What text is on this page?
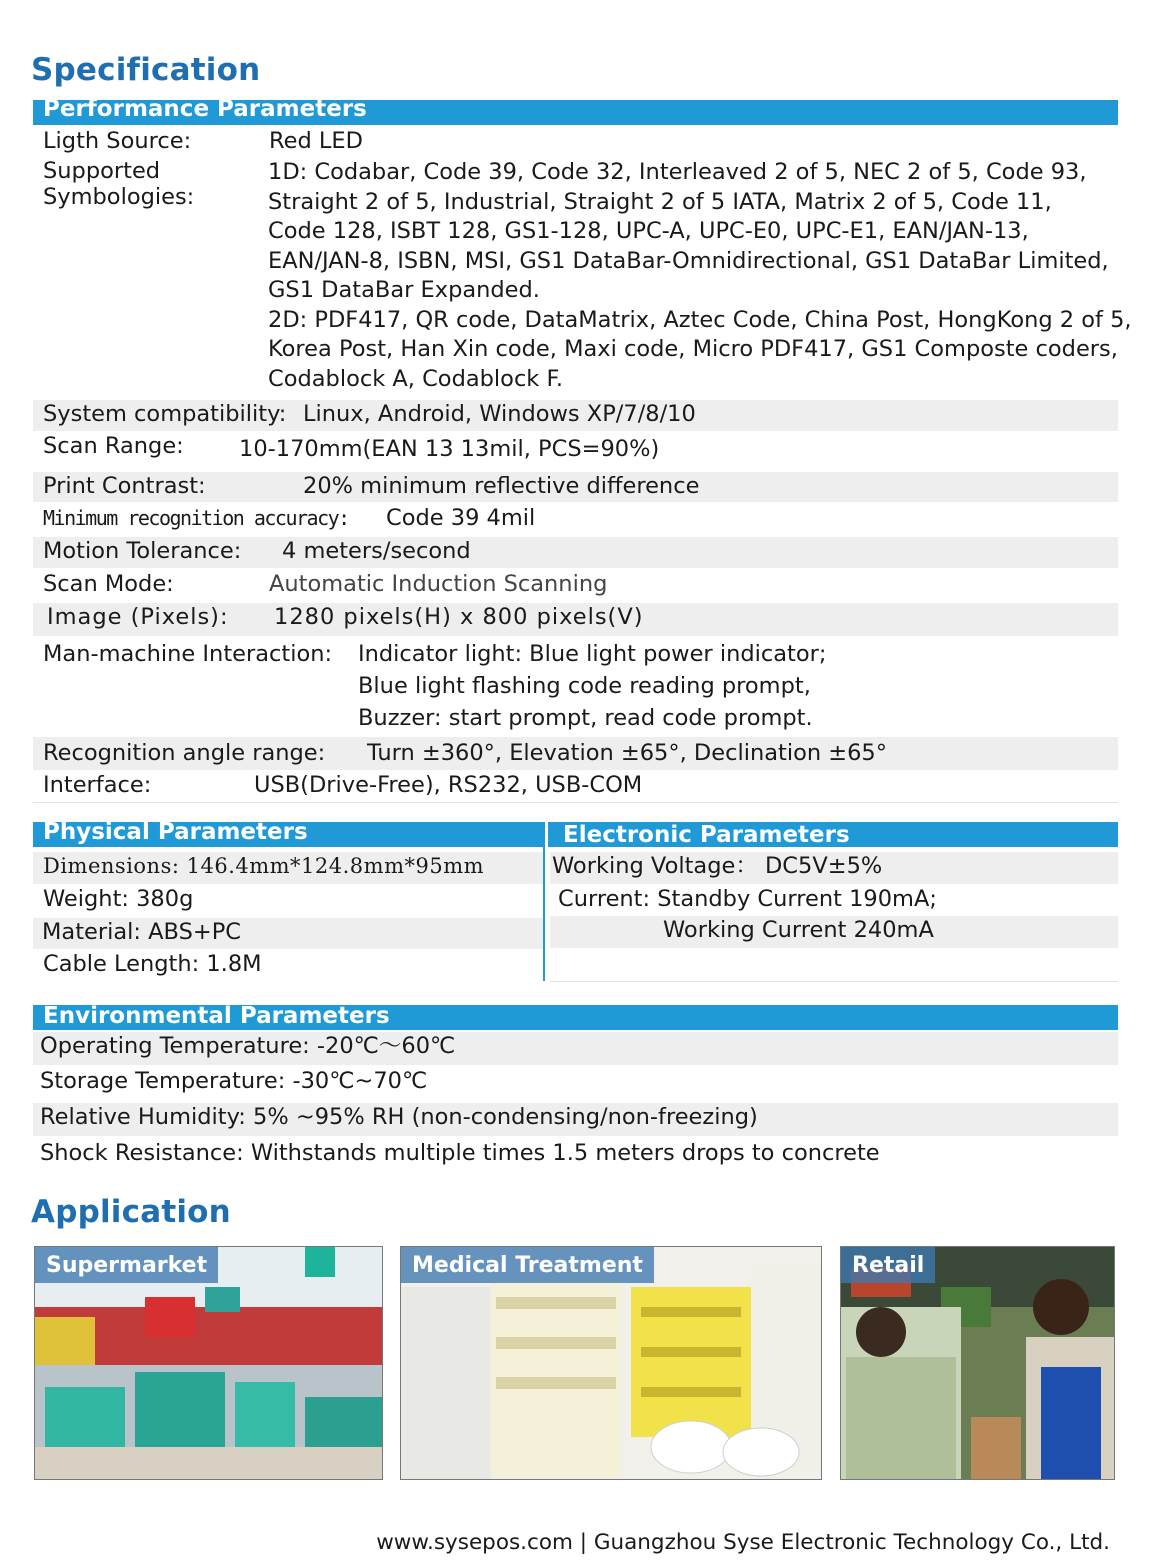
Specification
Performance Parameters
Ligth Source:	Red LED
Supported
Symbologies:
1D: Codabar, Code 39, Code 32, Interleaved 2 of 5, NEC 2 of 5, Code 93,
Straight 2 of 5, Industrial, Straight 2 of 5 IATA, Matrix 2 of 5, Code 11,
Code 128, ISBT 128, GS1-128, UPC-A, UPC-E0, UPC-E1, EAN/JAN-13,
EAN/JAN-8, ISBN, MSI, GS1 DataBar-Omnidirectional, GS1 DataBar Limited,
GS1 DataBar Expanded.
2D: PDF417, QR code, DataMatrix, Aztec Code, China Post, HongKong 2 of 5,
Korea Post, Han Xin code, Maxi code, Micro PDF417, GS1 Composte coders,
Codablock A, Codablock F.
System compatibility: Linux, Android, Windows XP/7/8/10
Scan Range: 10-170mm(EAN 13 13mil, PCS=90%)
Print Contrast:	20% minimum reflective difference
Minimum recognition accuracy: Code 39 4mil
Motion Tolerance: 4 meters/second
Scan Mode:	Automatic Induction Scanning
Image (Pixels): 1280 pixels(H) x 800 pixels(V)
Man-machine Interaction: Indicator light: Blue light power indicator;
Blue light flashing code reading prompt,
Buzzer: start prompt, read code prompt.
Recognition angle range: Turn ±360°, Elevation ±65°, Declination ±65°
Interface:	USB(Drive-Free), RS232, USB-COM
Physical Parameters	Electronic Parameters
Dimensions: 146.4mm*124.8mm*95mm
Weight: 380g
Material: ABS+PC
Cable Length: 1.8M
Working Voltage： DC5V±5%
Current: Standby Current 190mA;
Working Current 240mA
Environmental Parameters
Operating Temperature: -20℃～60℃
Storage Temperature: -30℃~70℃
Relative Humidity: 5% ~95% RH (non-condensing/non-freezing)
Shock Resistance: Withstands multiple times 1.5 meters drops to concrete
Application
Supermarket	Medical Treatment	Retail
www.sysepos.com | Guangzhou Syse Electronic Technology Co., Ltd.
